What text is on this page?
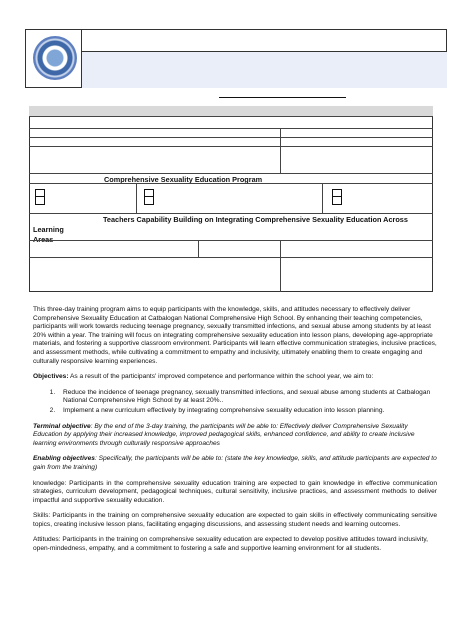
Comprehensive Sexuality Education Program
Teachers Capability Building on Integrating Comprehensive Sexuality Education Across Learning
Areas

This three-day training program aims to equip participants with the knowledge, skills, and attitudes necessary to effectively deliver Comprehensive Sexuality Education at Catbalogan National Comprehensive High School. By enhancing their teaching competencies, participants will work towards reducing teenage pregnancy, sexually transmitted infections, and sexual abuse among students by at least 20% within a year. The training will focus on integrating comprehensive sexuality education into lesson plans, developing age-appropriate materials, and fostering a supportive classroom environment. Participants will learn effective communication strategies, inclusive practices, and assessment methods, while cultivating a commitment to empathy and inclusivity, ultimately enabling them to create engaging and culturally responsive learning experiences.

Objectives: As a result of the participants' improved competence and performance within the school year, we aim to:

1. Reduce the incidence of teenage pregnancy, sexually transmitted infections, and sexual abuse among students at Catbalogan National Comprehensive High School by at least 20%..
2. Implement a new curriculum effectively by integrating comprehensive sexuality education into lesson planning.

Terminal objective: By the end of the 3-day training, the participants will be able to: Effectively deliver Comprehensive Sexuality Education by applying their increased knowledge, improved pedagogical skills, enhanced confidence, and ability to create inclusive learning environments through culturally responsive approaches

Enabling objectives: Specifically, the participants will be able to: (state the key knowledge, skills, and attitude participants are expected to gain from the training)

knowledge: Participants in the comprehensive sexuality education training are expected to gain knowledge in effective communication strategies, curriculum development, pedagogical techniques, cultural sensitivity, inclusive practices, and assessment methods to deliver impactful and supportive sexuality education.

Skills: Participants in the training on comprehensive sexuality education are expected to gain skills in effectively communicating sensitive topics, creating inclusive lesson plans, facilitating engaging discussions, and assessing student needs and learning outcomes.

Attitudes: Participants in the training on comprehensive sexuality education are expected to develop positive attitudes toward inclusivity, open-mindedness, empathy, and a commitment to fostering a safe and supportive learning environment for all students.
